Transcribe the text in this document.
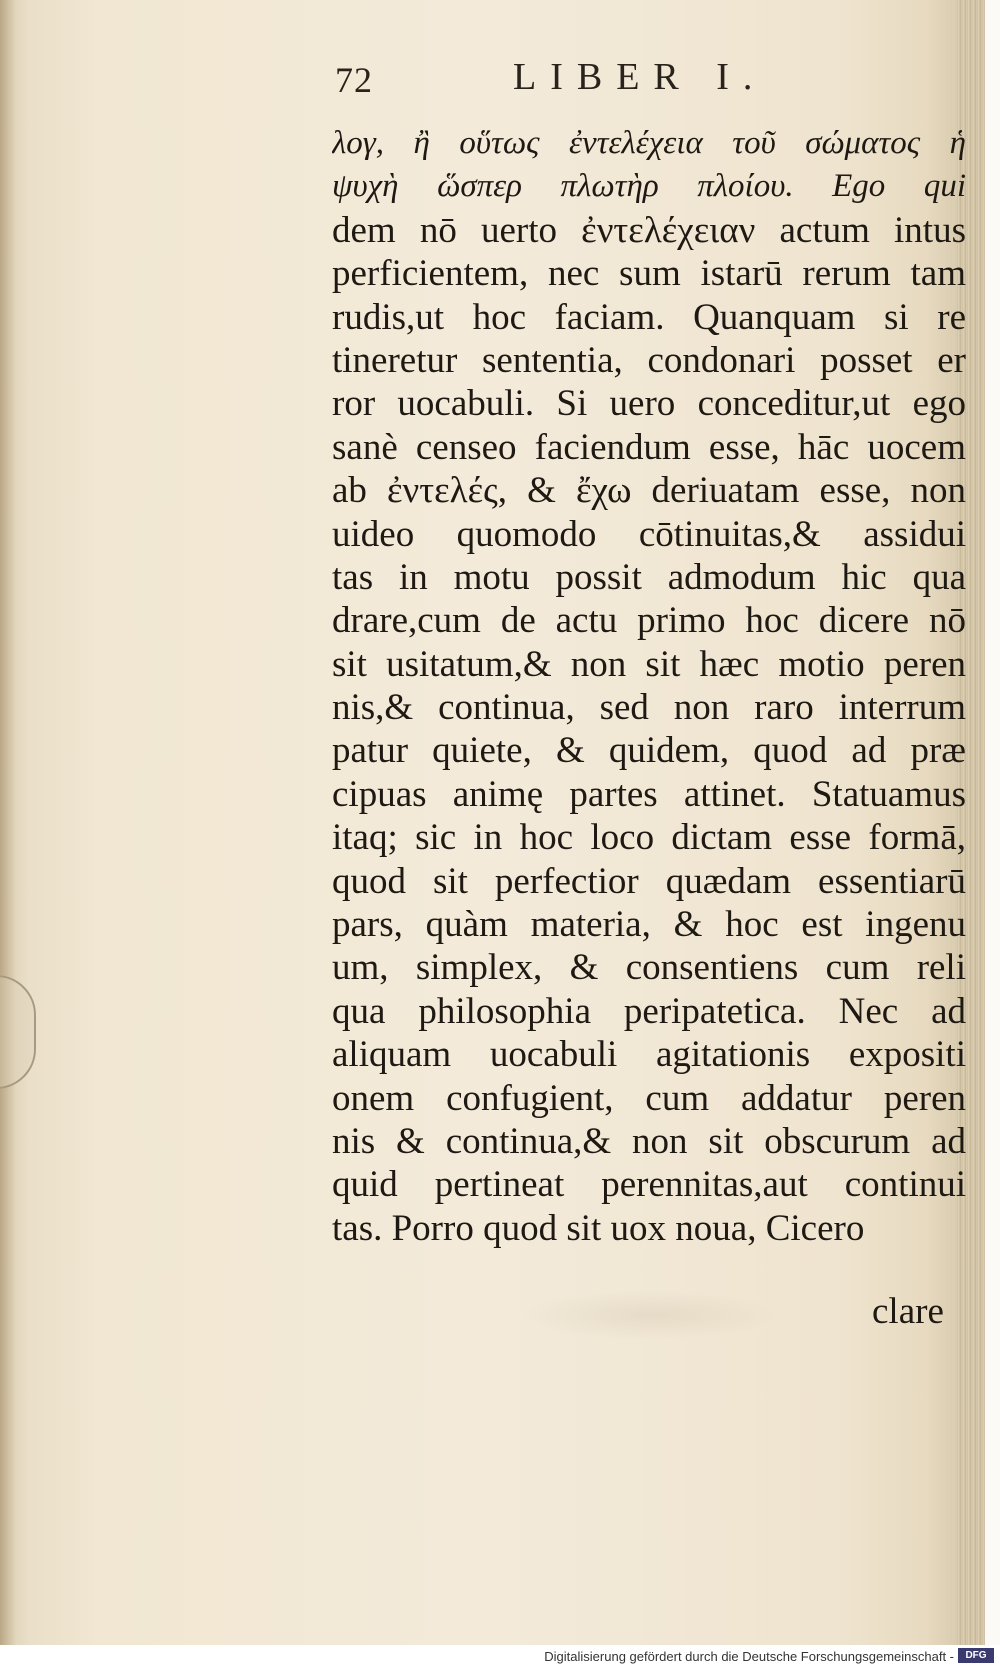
72	LIBER I.
λογ, ἢ οὕτως ἐντελέχεια τοῦ σώματος ἡ
ψυχὴ ὥσπερ πλωτὴρ πλοίου. Ego qui
dem nō uerto ἐντελέχειαν actum intus
perficientem, nec sum istarū rerum tam
rudis,ut hoc faciam. Quanquam si re
tineretur sententia, condonari posset er
ror uocabuli. Si uero conceditur,ut ego
sanè censeo faciendum esse, hāc uocem
ab ἐντελές, & ἔχω deriuatam esse, non
uideo quomodo cōtinuitas,& assidui
tas in motu possit admodum hic qua
drare,cum de actu primo hoc dicere nō
sit usitatum,& non sit hæc motio peren
nis,& continua, sed non raro interrum
patur quiete, & quidem, quod ad præ
cipuas animę partes attinet. Statuamus
itaq; sic in hoc loco dictam esse formā,
quod sit perfectior quædam essentiarū
pars, quàm materia, & hoc est ingenu
um, simplex, & consentiens cum reli
qua philosophia peripatetica. Nec ad
aliquam uocabuli agitationis expositi
onem confugient, cum addatur peren
nis & continua,& non sit obscurum ad
quid pertineat perennitas,aut continui
tas. Porro quod sit uox noua, Cicero
clare
Digitalisierung gefördert durch die Deutsche Forschungsgemeinschaft -	DFG
